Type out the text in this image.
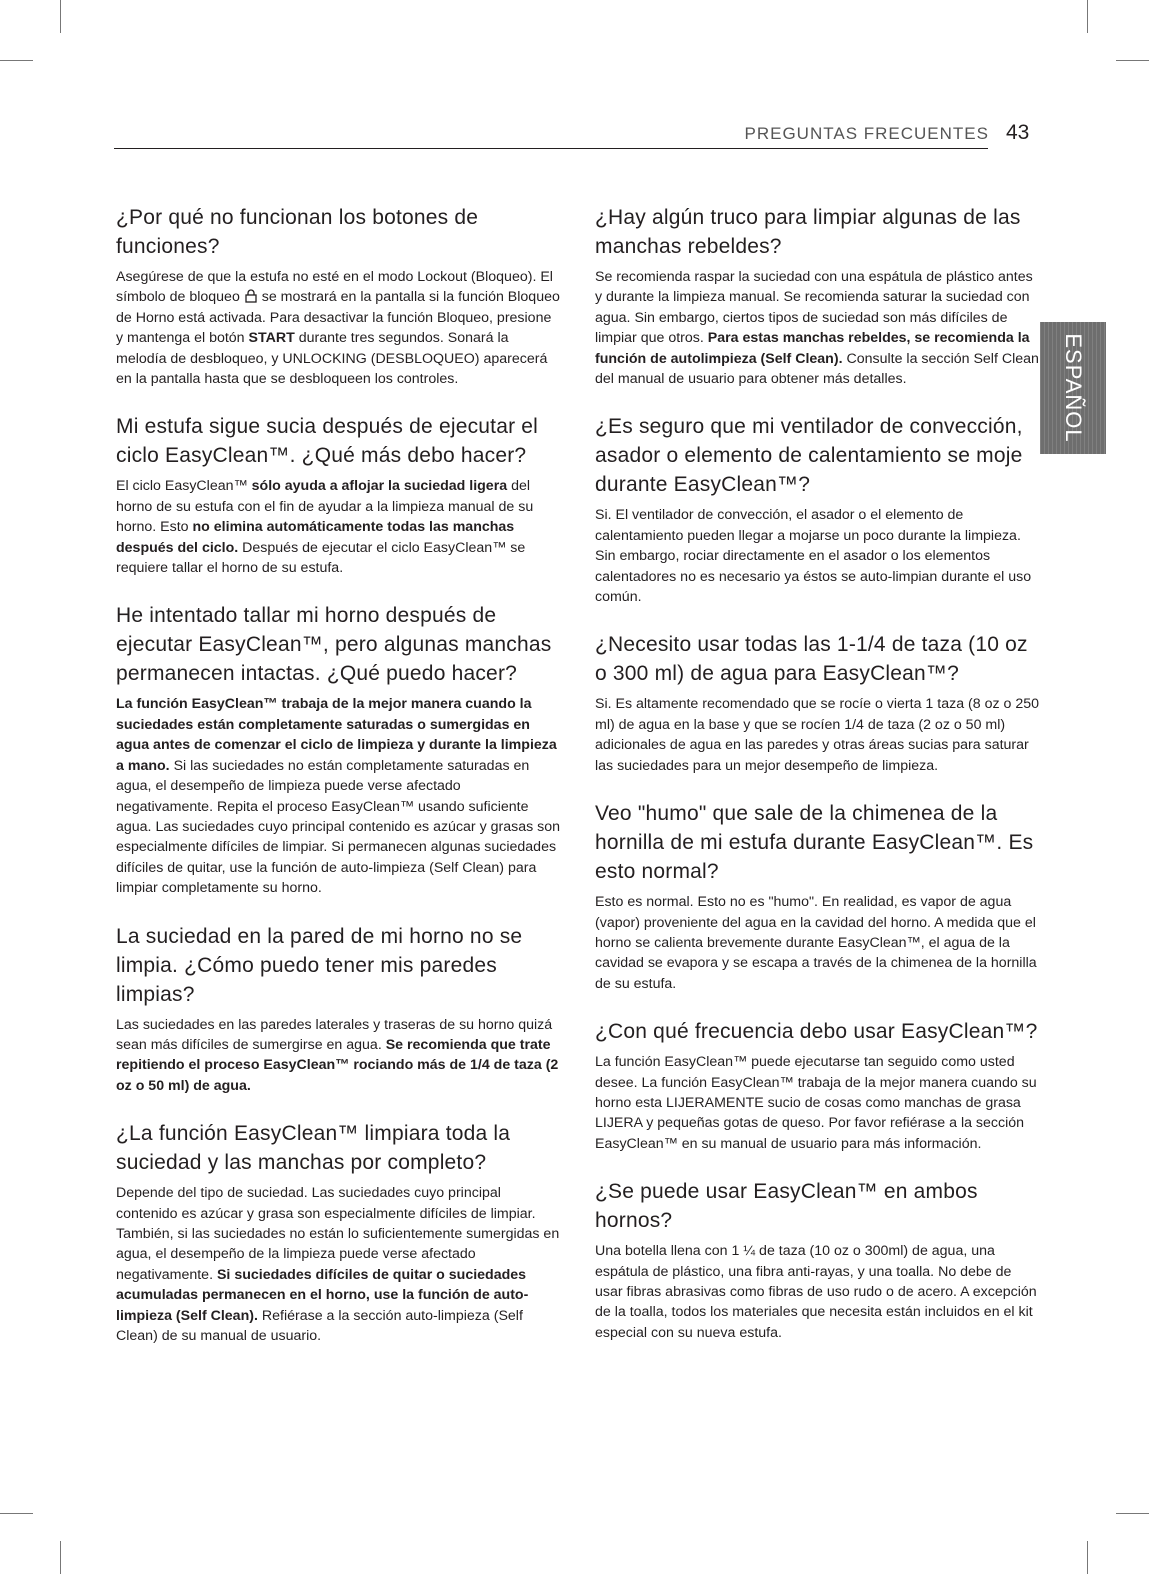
PREGUNTAS FRECUENTES 43
ESPAÑOL
¿Por qué no funcionan los botones de funciones?

Asegúrese de que la estufa no esté en el modo Lockout (Bloqueo). El símbolo de bloqueo se mostrará en la pantalla si la función Bloqueo de Horno está activada. Para desactivar la función Bloqueo, presione y mantenga el botón START durante tres segundos. Sonará la melodía de desbloqueo, y UNLOCKING (DESBLOQUEO) aparecerá en la pantalla hasta que se desbloqueen los controles.

Mi estufa sigue sucia después de ejecutar el ciclo EasyClean™. ¿Qué más debo hacer?

El ciclo EasyClean™ sólo ayuda a aflojar la suciedad ligera del horno de su estufa con el fin de ayudar a la limpieza manual de su horno. Esto no elimina automáticamente todas las manchas después del ciclo. Después de ejecutar el ciclo EasyClean™ se requiere tallar el horno de su estufa.

He intentado tallar mi horno después de ejecutar EasyClean™, pero algunas manchas permanecen intactas. ¿Qué puedo hacer?

La función EasyClean™ trabaja de la mejor manera cuando la suciedades están completamente saturadas o sumergidas en agua antes de comenzar el ciclo de limpieza y durante la limpieza a mano. Si las suciedades no están completamente saturadas en agua, el desempeño de limpieza puede verse afectado negativamente. Repita el proceso EasyClean™ usando suficiente agua. Las suciedades cuyo principal contenido es azúcar y grasas son especialmente difíciles de limpiar. Si permanecen algunas suciedades difíciles de quitar, use la función de auto-limpieza (Self Clean) para limpiar completamente su horno.

La suciedad en la pared de mi horno no se limpia. ¿Cómo puedo tener mis paredes limpias?

Las suciedades en las paredes laterales y traseras de su horno quizá sean más difíciles de sumergirse en agua. Se recomienda que trate repitiendo el proceso EasyClean™ rociando más de 1/4 de taza (2 oz o 50 ml) de agua.

¿La función EasyClean™ limpiara toda la suciedad y las manchas por completo?

Depende del tipo de suciedad. Las suciedades cuyo principal contenido es azúcar y grasa son especialmente difíciles de limpiar. También, si las suciedades no están lo suficientemente sumergidas en agua, el desempeño de la limpieza puede verse afectado negativamente. Si suciedades difíciles de quitar o suciedades acumuladas permanecen en el horno, use la función de auto-limpieza (Self Clean). Refiérase a la sección auto-limpieza (Self Clean) de su manual de usuario.

¿Hay algún truco para limpiar algunas de las manchas rebeldes?

Se recomienda raspar la suciedad con una espátula de plástico antes y durante la limpieza manual. Se recomienda saturar la suciedad con agua. Sin embargo, ciertos tipos de suciedad son más difíciles de limpiar que otros. Para estas manchas rebeldes, se recomienda la función de autolimpieza (Self Clean). Consulte la sección Self Clean del manual de usuario para obtener más detalles.

¿Es seguro que mi ventilador de convección, asador o elemento de calentamiento se moje durante EasyClean™?

Si. El ventilador de convección, el asador o el elemento de calentamiento pueden llegar a mojarse un poco durante la limpieza. Sin embargo, rociar directamente en el asador o los elementos calentadores no es necesario ya éstos se auto-limpian durante el uso común.

¿Necesito usar todas las 1-1/4 de taza (10 oz o 300 ml) de agua para EasyClean™?

Si. Es altamente recomendado que se rocíe o vierta 1 taza (8 oz o 250 ml) de agua en la base y que se rocíen 1/4 de taza (2 oz o 50 ml) adicionales de agua en las paredes y otras áreas sucias para saturar las suciedades para un mejor desempeño de limpieza.

Veo "humo" que sale de la chimenea de la hornilla de mi estufa durante EasyClean™. Es esto normal?

Esto es normal. Esto no es "humo". En realidad, es vapor de agua (vapor) proveniente del agua en la cavidad del horno. A medida que el horno se calienta brevemente durante EasyClean™, el agua de la cavidad se evapora y se escapa a través de la chimenea de la hornilla de su estufa.

¿Con qué frecuencia debo usar EasyClean™?

La función EasyClean™ puede ejecutarse tan seguido como usted desee. La función EasyClean™ trabaja de la mejor manera cuando su horno esta LIJERAMENTE sucio de cosas como manchas de grasa LIJERA y pequeñas gotas de queso. Por favor refiérase a la sección EasyClean™ en su manual de usuario para más información.

¿Se puede usar EasyClean™ en ambos hornos?

Una botella llena con 1 ¼ de taza (10 oz o 300ml) de agua, una espátula de plástico, una fibra anti-rayas, y una toalla. No debe de usar fibras abrasivas como fibras de uso rudo o de acero. A excepción de la toalla, todos los materiales que necesita están incluidos en el kit especial con su nueva estufa.
